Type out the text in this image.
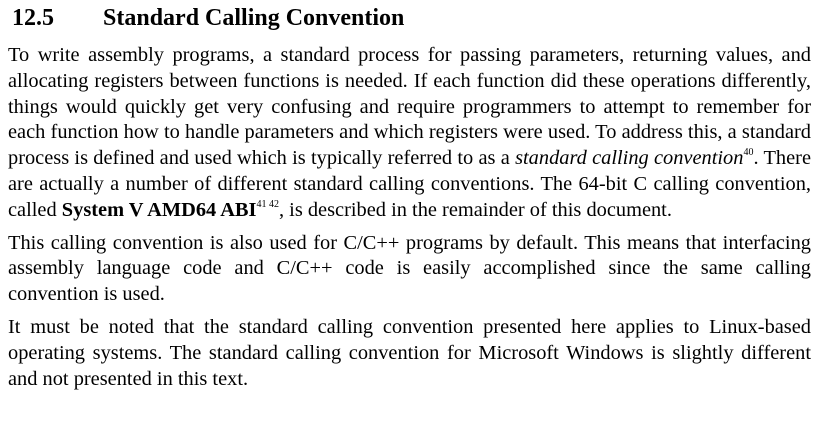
12.5 Standard Calling Convention

To write assembly programs, a standard process for passing parameters, returning values, and allocating registers between functions is needed. If each function did these operations differently, things would quickly get very confusing and require programmers to attempt to remember for each function how to handle parameters and which registers were used. To address this, a standard process is defined and used which is typically referred to as a standard calling convention$^{40}$. There are actually a number of different standard calling conventions. The 64-bit C calling convention, called System V AMD64 ABI$^{41}$ $^{42}$, is described in the remainder of this document.

This calling convention is also used for C/C++ programs by default. This means that interfacing assembly language code and C/C++ code is easily accomplished since the same calling convention is used.

It must be noted that the standard calling convention presented here applies to Linux-based operating systems. The standard calling convention for Microsoft Windows is slightly different and not presented in this text.
